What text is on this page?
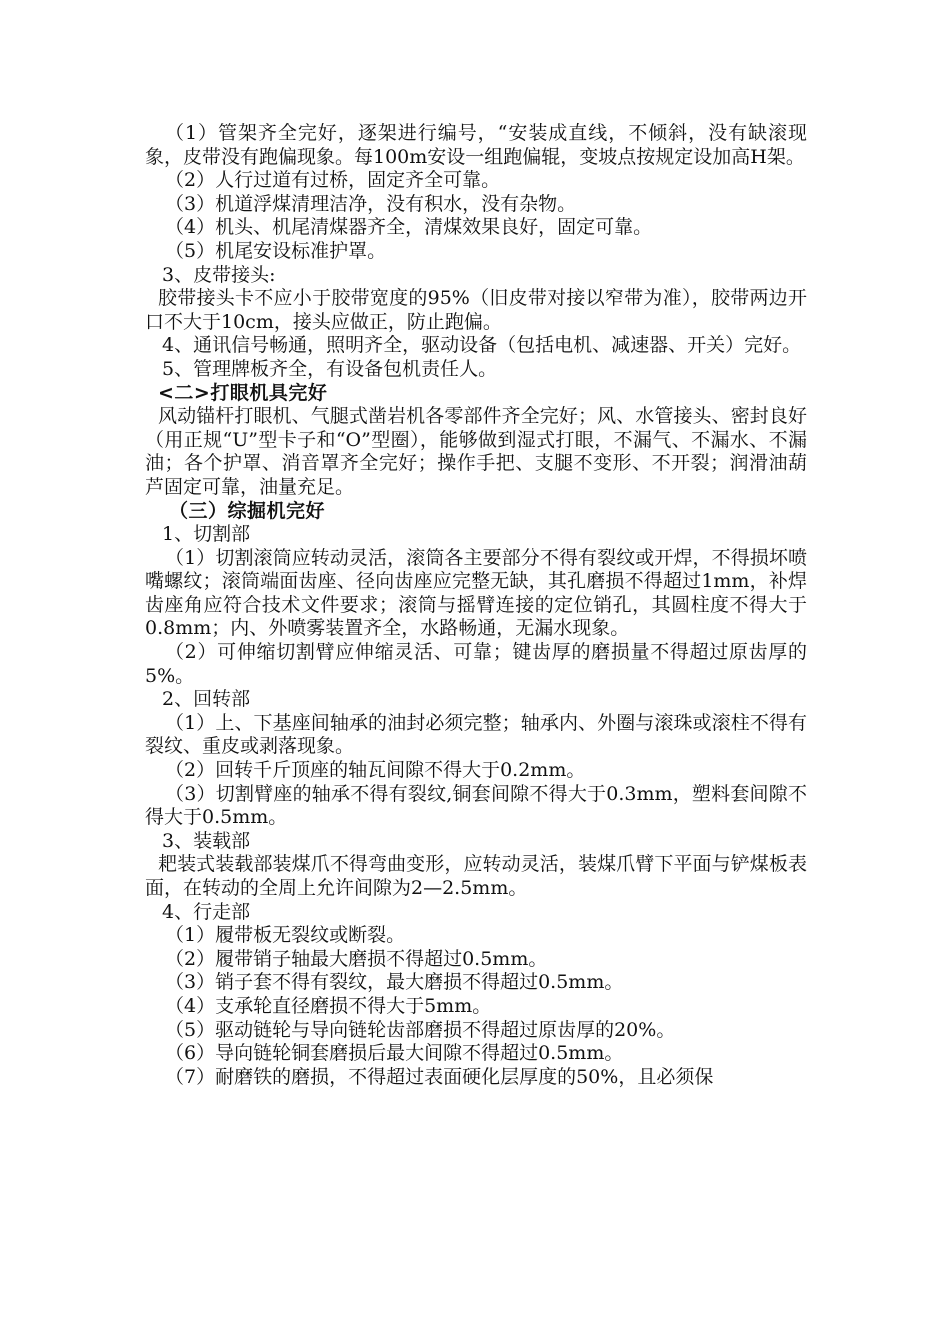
（1）管架齐全完好，逐架进行编号，“安装成直线，不倾斜，没有缺滚现象，皮带没有跑偏现象。每100m安设一组跑偏辊，变坡点按规定设加高H架。

（2）人行过道有过桥，固定齐全可靠。

（3）机道浮煤清理洁净，没有积水，没有杂物。

（4）机头、机尾清煤器齐全，清煤效果良好，固定可靠。

（5）机尾安设标准护罩。

3、皮带接头:

胶带接头卡不应小于胶带宽度的95%（旧皮带对接以窄带为准），胶带两边开口不大于10cm，接头应做正，防止跑偏。

4、通讯信号畅通，照明齐全，驱动设备（包括电机、减速器、开关）完好。

5、管理牌板齐全，有设备包机责任人。

<二>打眼机具完好

风动锚杆打眼机、气腿式凿岩机各零部件齐全完好；风、水管接头、密封良好（用正规“U”型卡子和“O”型圈），能够做到湿式打眼，不漏气、不漏水、不漏油；各个护罩、消音罩齐全完好；操作手把、支腿不变形、不开裂；润滑油葫芦固定可靠，油量充足。

（三）综掘机完好

1、切割部

（1）切割滚筒应转动灵活，滚筒各主要部分不得有裂纹或开焊，不得损坏喷嘴螺纹；滚筒端面齿座、径向齿座应完整无缺，其孔磨损不得超过1mm，补焊齿座角应符合技术文件要求；滚筒与摇臂连接的定位销孔，其圆柱度不得大于0.8mm；内、外喷雾装置齐全，水路畅通，无漏水现象。

（2）可伸缩切割臂应伸缩灵活、可靠；键齿厚的磨损量不得超过原齿厚的5%。

2、回转部

（1）上、下基座间轴承的油封必须完整；轴承内、外圈与滚珠或滚柱不得有裂纹、重皮或剥落现象。

（2）回转千斤顶座的轴瓦间隙不得大于0.2mm。

（3）切割臂座的轴承不得有裂纹,铜套间隙不得大于0.3mm，塑料套间隙不得大于0.5mm。

3、装载部

耙装式装载部装煤爪不得弯曲变形，应转动灵活，装煤爪臂下平面与铲煤板表面，在转动的全周上允许间隙为2—2.5mm。

4、行走部

（1）履带板无裂纹或断裂。

（2）履带销子轴最大磨损不得超过0.5mm。

（3）销子套不得有裂纹，最大磨损不得超过0.5mm。

（4）支承轮直径磨损不得大于5mm。

（5）驱动链轮与导向链轮齿部磨损不得超过原齿厚的20%。

（6）导向链轮铜套磨损后最大间隙不得超过0.5mm。

（7）耐磨铁的磨损，不得超过表面硬化层厚度的50%，且必须保
